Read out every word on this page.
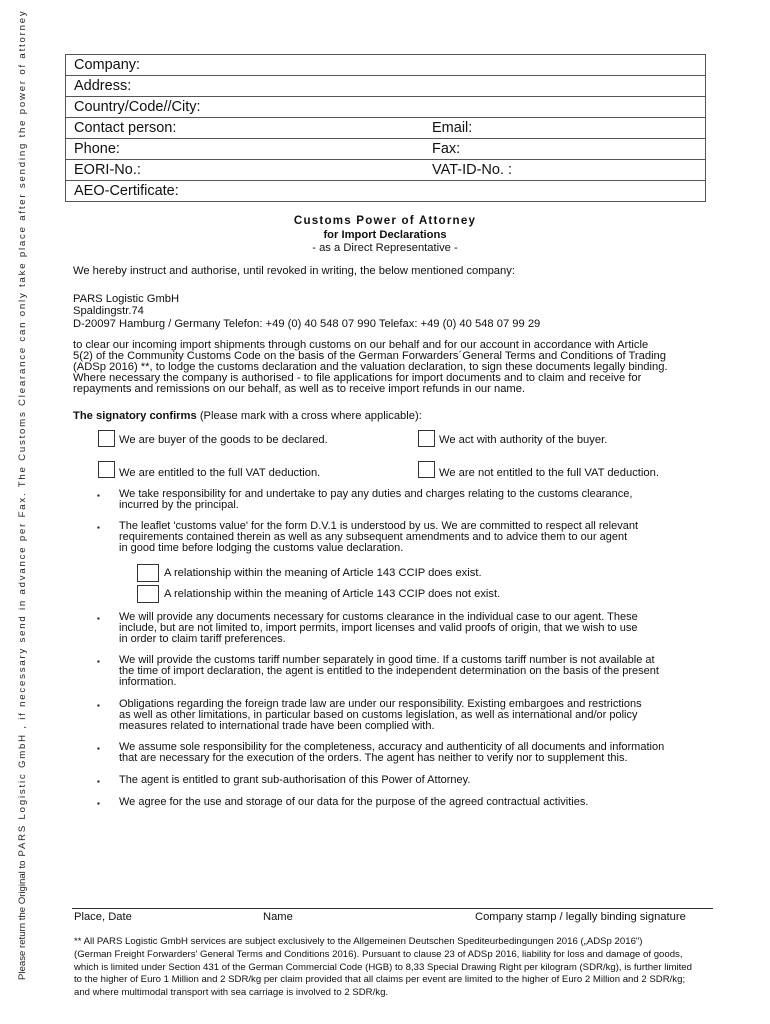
Please return the Original to
PARS Logistic GmbH , if necessary send in advance per Fax. The Customs Clearance can only take place after sending the power of attorney	Company:
Address:
Country/Code//City:
Contact person:	Email:

Phone:	Fax:

EORI-No.:	VAT-ID-No. :

AEO-Certificate:
Customs Power of Attorney
for Import Declarations
- as a Direct Representative -
We hereby instruct and authorise, until revoked in writing, the below mentioned company:
PARS Logistic GmbH
Spaldingstr.74
D-20097 Hamburg / Germany Telefon: +49 (0) 40 548 07 990 Telefax: +49 (0) 40 548 07 99 29
to clear our incoming import shipments through customs on our behalf and for our account in accordance with Article
5(2) of the Community Customs Code on the basis of the German Forwarders´General Terms and Conditions of Trading
(ADSp 2016) **, to lodge the customs declaration and the valuation declaration, to sign these documents legally binding.
Where necessary the company is authorised - to file applications for import documents and to claim and receive for
repayments and remissions on our behalf, as well as to receive import refunds in our name.
The signatory confirms (Please mark with a cross where applicable):
We are buyer of the goods to be declared.	We act with authority of the buyer.
We are entitled to the full VAT deduction.	We are not entitled to the full VAT deduction.
▪ We take responsibility for and undertake to pay any duties and charges relating to the customs clearance,
incurred by the principal.
▪ The leaflet 'customs value' for the form D.V.1 is understood by us. We are committed to respect all relevant
requirements contained therein as well as any subsequent amendments and to advice them to our agent
in good time before lodging the customs value declaration.
A relationship within the meaning of Article 143 CCIP does exist.
A relationship within the meaning of Article 143 CCIP does not exist.
▪ We will provide any documents necessary for customs clearance in the individual case to our agent. These
include, but are not limited to, import permits, import licenses and valid proofs of origin, that we wish to use
in order to claim tariff preferences.
▪ We will provide the customs tariff number separately in good time. If a customs tariff number is not available at
the time of import declaration, the agent is entitled to the independent determination on the basis of the present
information.
▪ Obligations regarding the foreign trade law are under our responsibility. Existing embargoes and restrictions
as well as other limitations, in particular based on customs legislation, as well as international and/or policy
measures related to international trade have been complied with.
▪ We assume sole responsibility for the completeness, accuracy and authenticity of all documents and information
that are necessary for the execution of the orders. The agent has neither to verify nor to supplement this.
▪ The agent is entitled to grant sub-authorisation of this Power of Attorney.
▪ We agree for the use and storage of our data for the purpose of the agreed contractual activities.
Place, Date	Name	Company stamp / legally binding signature
** All PARS Logistic GmbH services are subject exclusively to the Allgemeinen Deutschen Spediteurbedingungen 2016 („ADSp 2016")
(German Freight Forwarders' General Terms and Conditions 2016). Pursuant to clause 23 of ADSp 2016, liability for loss and damage of goods,
which is limited under Section 431 of the German Commercial Code (HGB) to 8,33 Special Drawing Right per kilogram (SDR/kg), is further limited
to the higher of Euro 1 Million and 2 SDR/kg per claim provided that all claims per event are limited to the higher of Euro 2 Million and 2 SDR/kg;
and where multimodal transport with sea carriage is involved to 2 SDR/kg.
